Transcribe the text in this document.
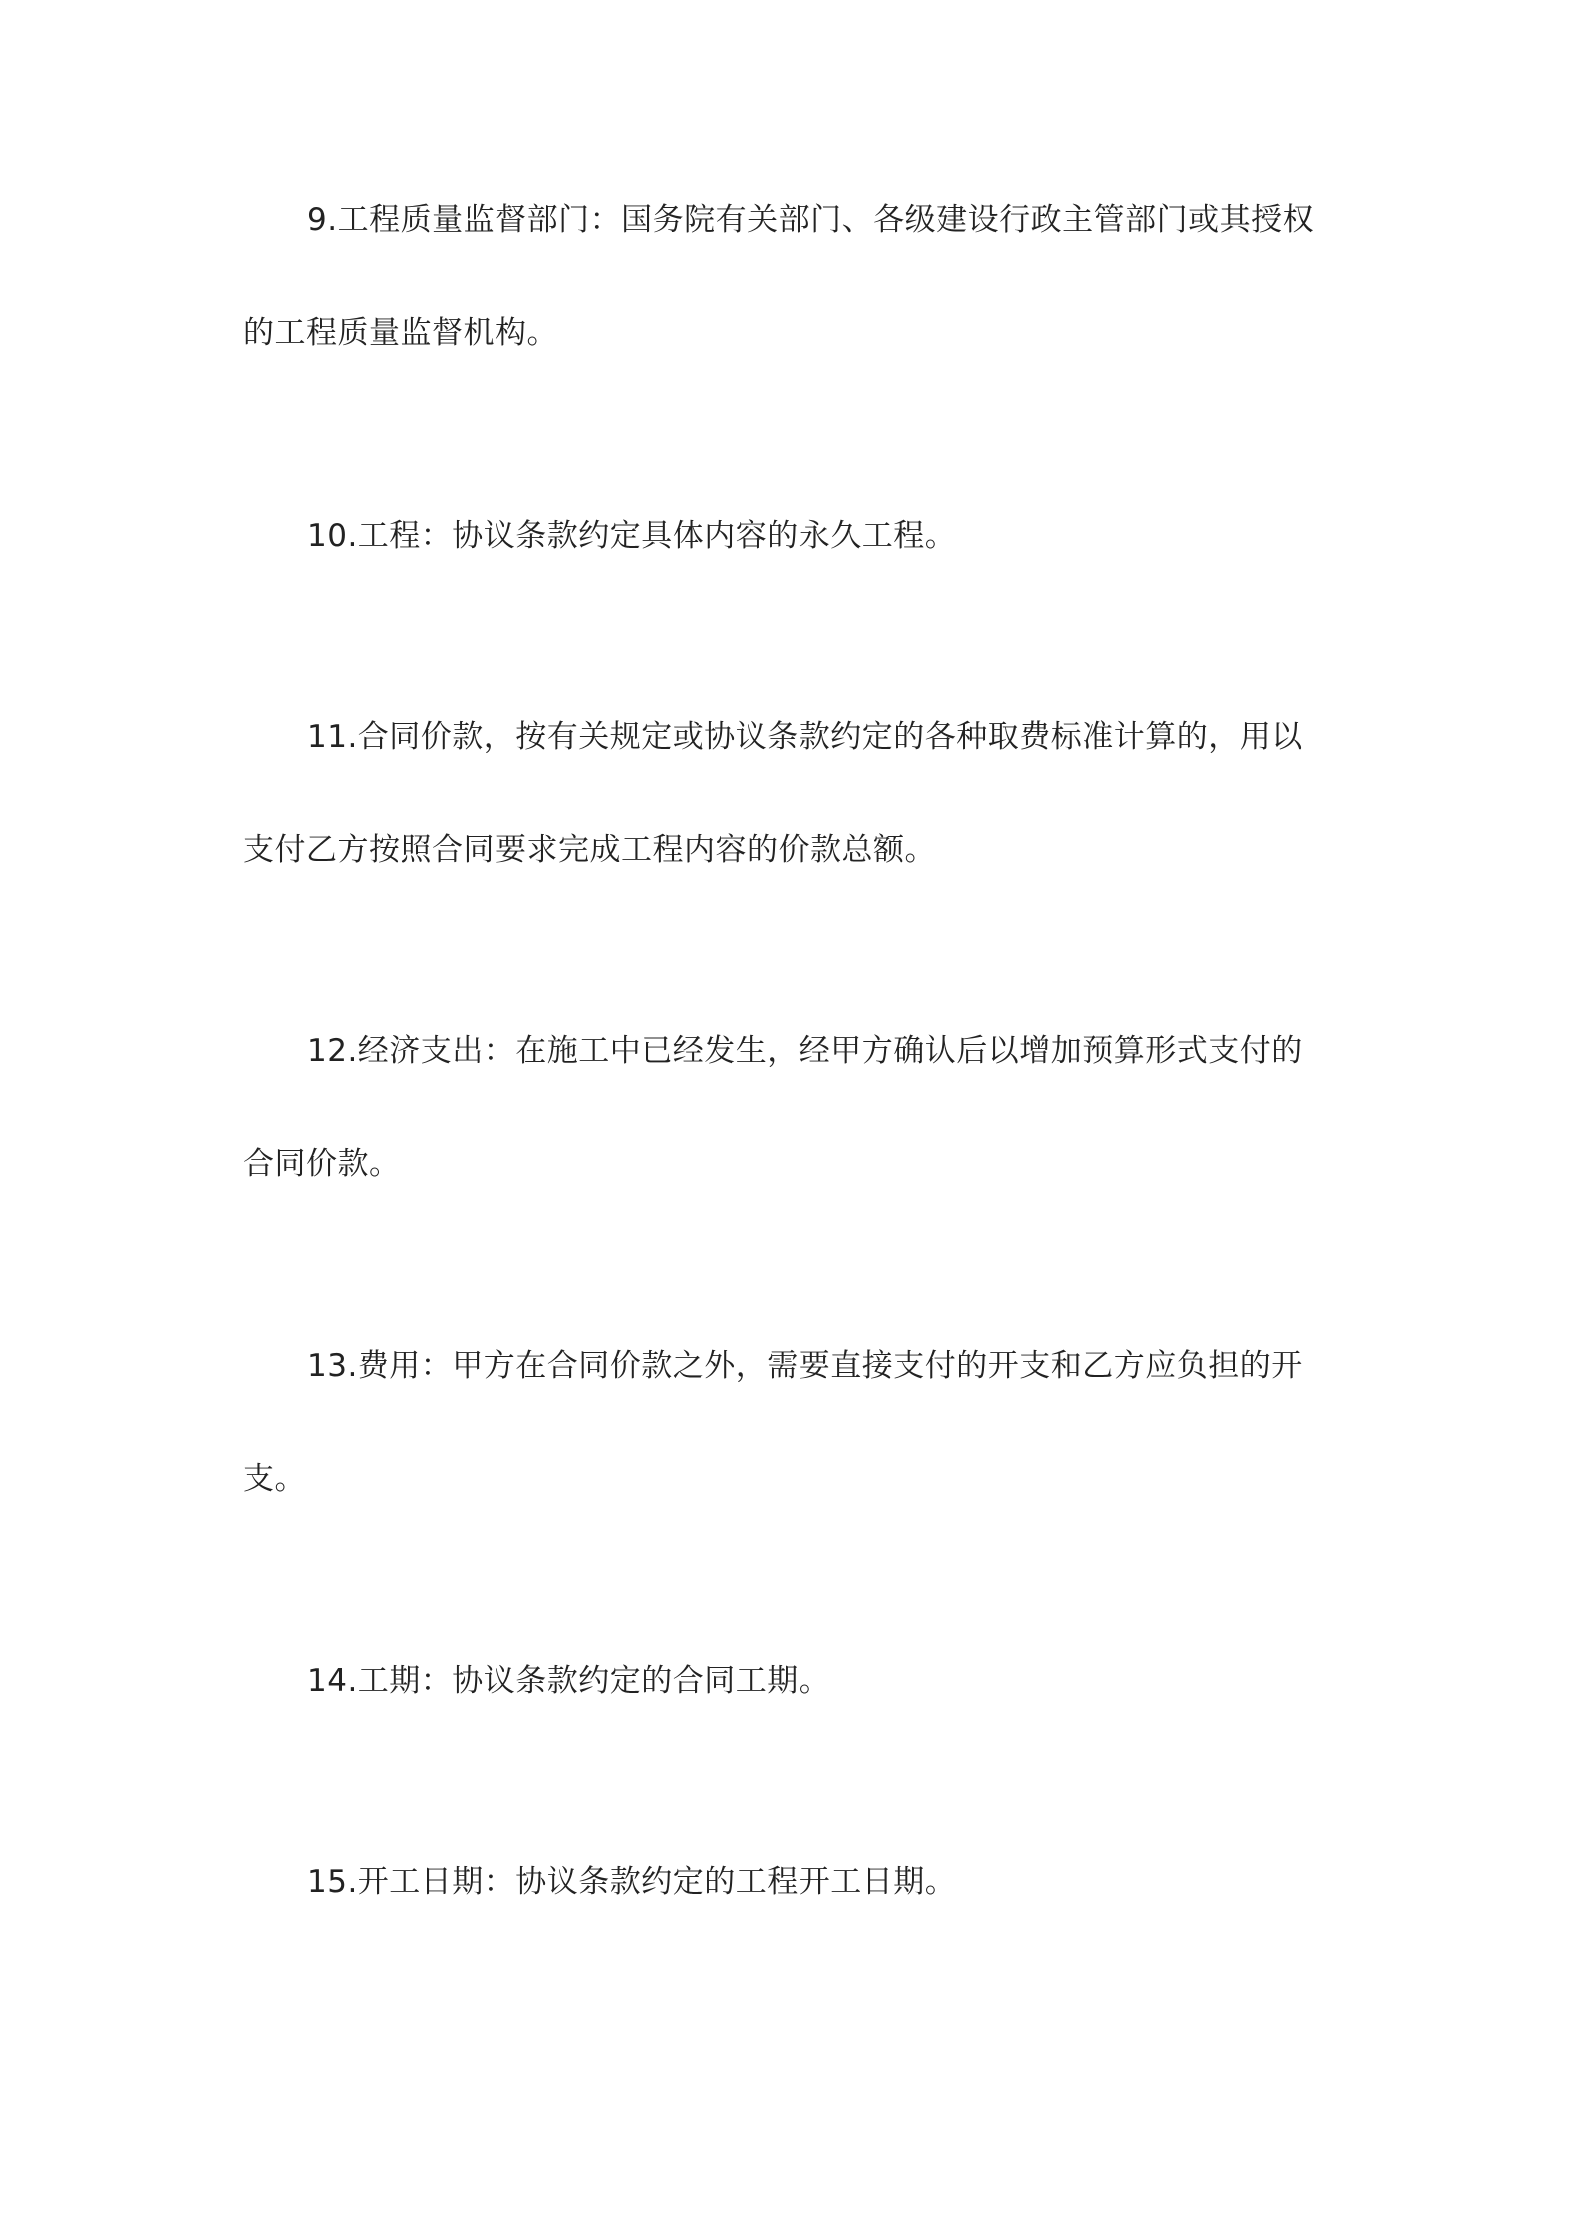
9.工程质量监督部门：国务院有关部门、各级建设行政主管部门或其授权
的工程质量监督机构。
10.工程：协议条款约定具体内容的永久工程。
11.合同价款，按有关规定或协议条款约定的各种取费标准计算的，用以
支付乙方按照合同要求完成工程内容的价款总额。
12.经济支出：在施工中已经发生，经甲方确认后以增加预算形式支付的
合同价款。
13.费用：甲方在合同价款之外，需要直接支付的开支和乙方应负担的开
支。
14.工期：协议条款约定的合同工期。
15.开工日期：协议条款约定的工程开工日期。
